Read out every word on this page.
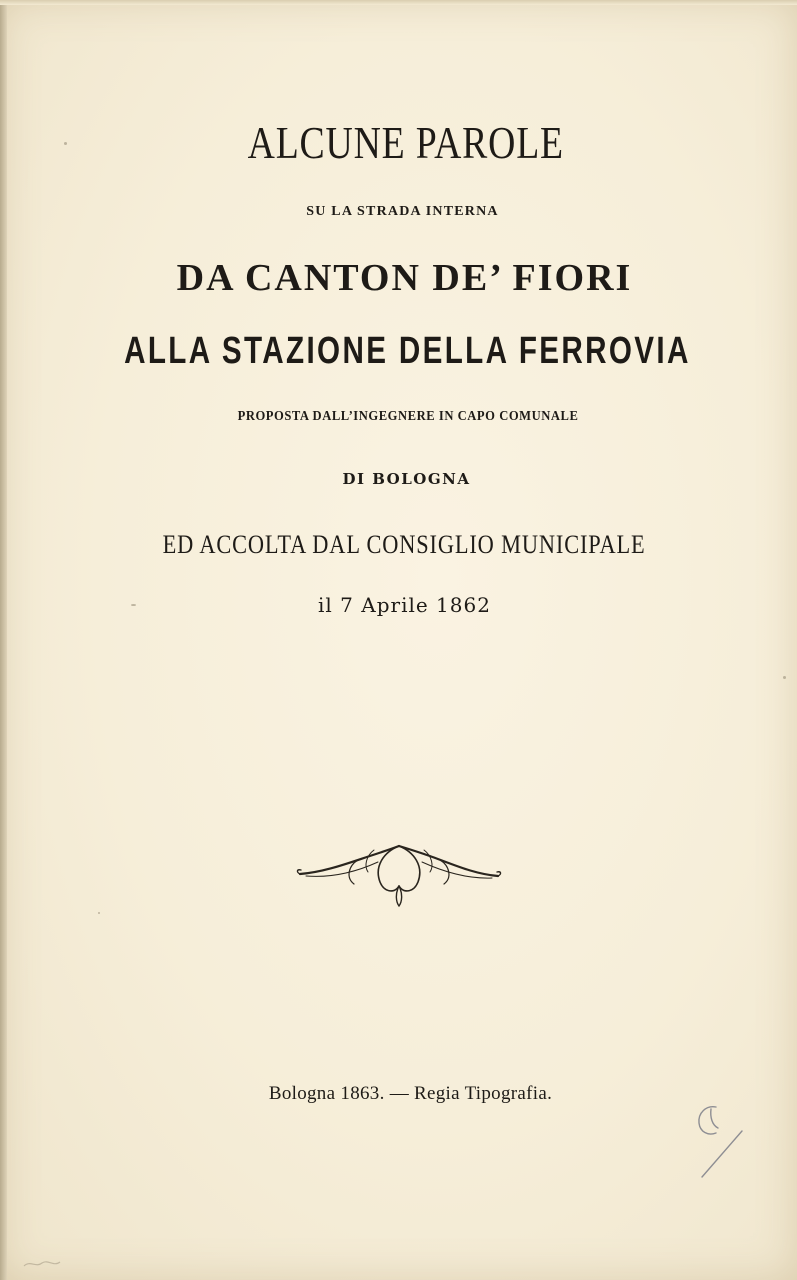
ALCUNE PAROLE
SU LA STRADA INTERNA
DA CANTON DE’ FIORI
ALLA STAZIONE DELLA FERROVIA
PROPOSTA DALL’INGEGNERE IN CAPO COMUNALE
DI BOLOGNA
ED ACCOLTA DAL CONSIGLIO MUNICIPALE
il 7 Aprile 1862
Bologna 1863. — Regia Tipografia.
